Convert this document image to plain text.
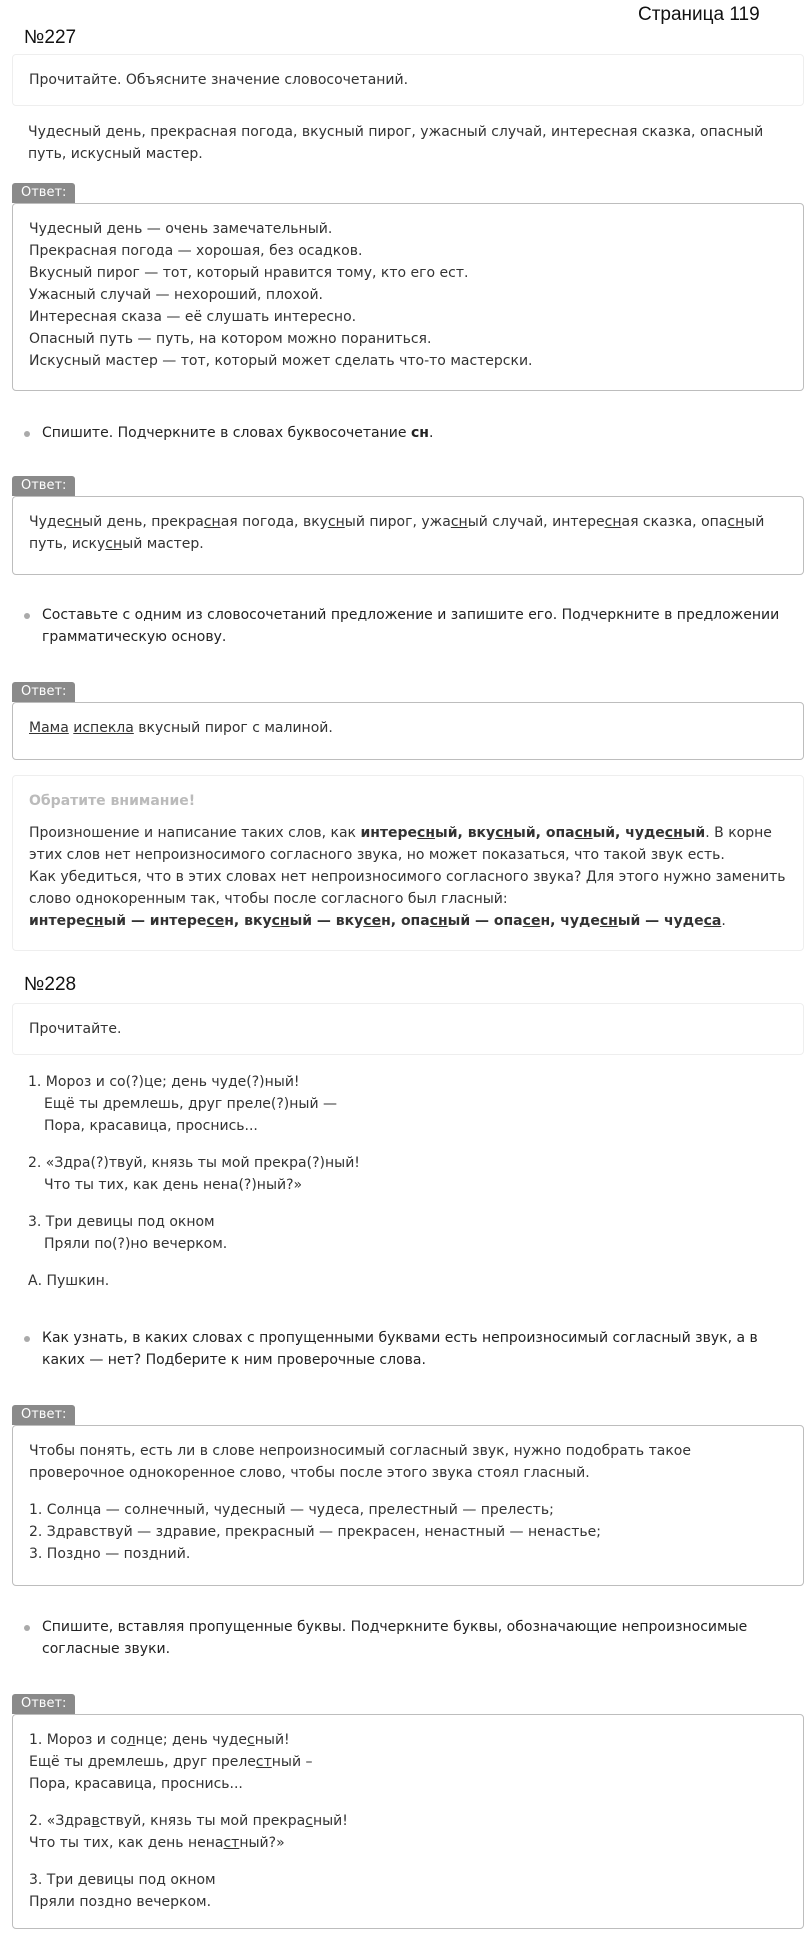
Страница 119
№227
Прочитайте. Объясните значение словосочетаний.
Чудесный день, прекрасная погода, вкусный пирог, ужасный случай, интересная сказка, опасный путь, искусный мастер.
Ответ:
Чудесный день — очень замечательный.
Прекрасная погода — хорошая, без осадков.
Вкусный пирог — тот, который нравится тому, кто его ест.
Ужасный случай — нехороший, плохой.
Интересная сказа — её слушать интересно.
Опасный путь — путь, на котором можно пораниться.
Искусный мастер — тот, который может сделать что-то мастерски.
Спишите. Подчеркните в словах буквосочетание сн.
Ответ:
Чудесный день, прекрасная погода, вкусный пирог, ужасный случай, интересная сказка, опасный путь, искусный мастер.
Составьте с одним из словосочетаний предложение и запишите его. Подчеркните в предложении грамматическую основу.
Ответ:
Мама испекла вкусный пирог с малиной.
Обратите внимание!
Произношение и написание таких слов, как интересный, вкусный, опасный, чудесный. В корне этих слов нет непроизносимого согласного звука, но может показаться, что такой звук есть.
Как убедиться, что в этих словах нет непроизносимого согласного звука? Для этого нужно заменить слово однокоренным так, чтобы после согласного был гласный:
интересный — интересен, вкусный — вкусен, опасный — опасен, чудесный — чудеса.
№228
Прочитайте.
1. Мороз и со(?)це; день чуде(?)ный!
Ещё ты дремлешь, друг преле(?)ный —
Пора, красавица, проснись...
2. «Здра(?)твуй, князь ты мой прекра(?)ный!
Что ты тих, как день нена(?)ный?»
3. Три девицы под окном
Пряли по(?)но вечерком.
А. Пушкин.
Как узнать, в каких словах с пропущенными буквами есть непроизносимый согласный звук, а в каких — нет? Подберите к ним проверочные слова.
Ответ:
Чтобы понять, есть ли в слове непроизносимый согласный звук, нужно подобрать такое проверочное однокоренное слово, чтобы после этого звука стоял гласный.
1. Солнца — солнечный, чудесный — чудеса, прелестный — прелесть;
2. Здравствуй — здравие, прекрасный — прекрасен, ненастный — ненастье;
3. Поздно — поздний.
Спишите, вставляя пропущенные буквы. Подчеркните буквы, обозначающие непроизносимые согласные звуки.
Ответ:
1. Мороз и солнце; день чудесный!
Ещё ты дремлешь, друг прелестный –
Пора, красавица, проснись...
2. «Здравствуй, князь ты мой прекрасный!
Что ты тих, как день ненастный?»
3. Три девицы под окном
Пряли поздно вечерком.
